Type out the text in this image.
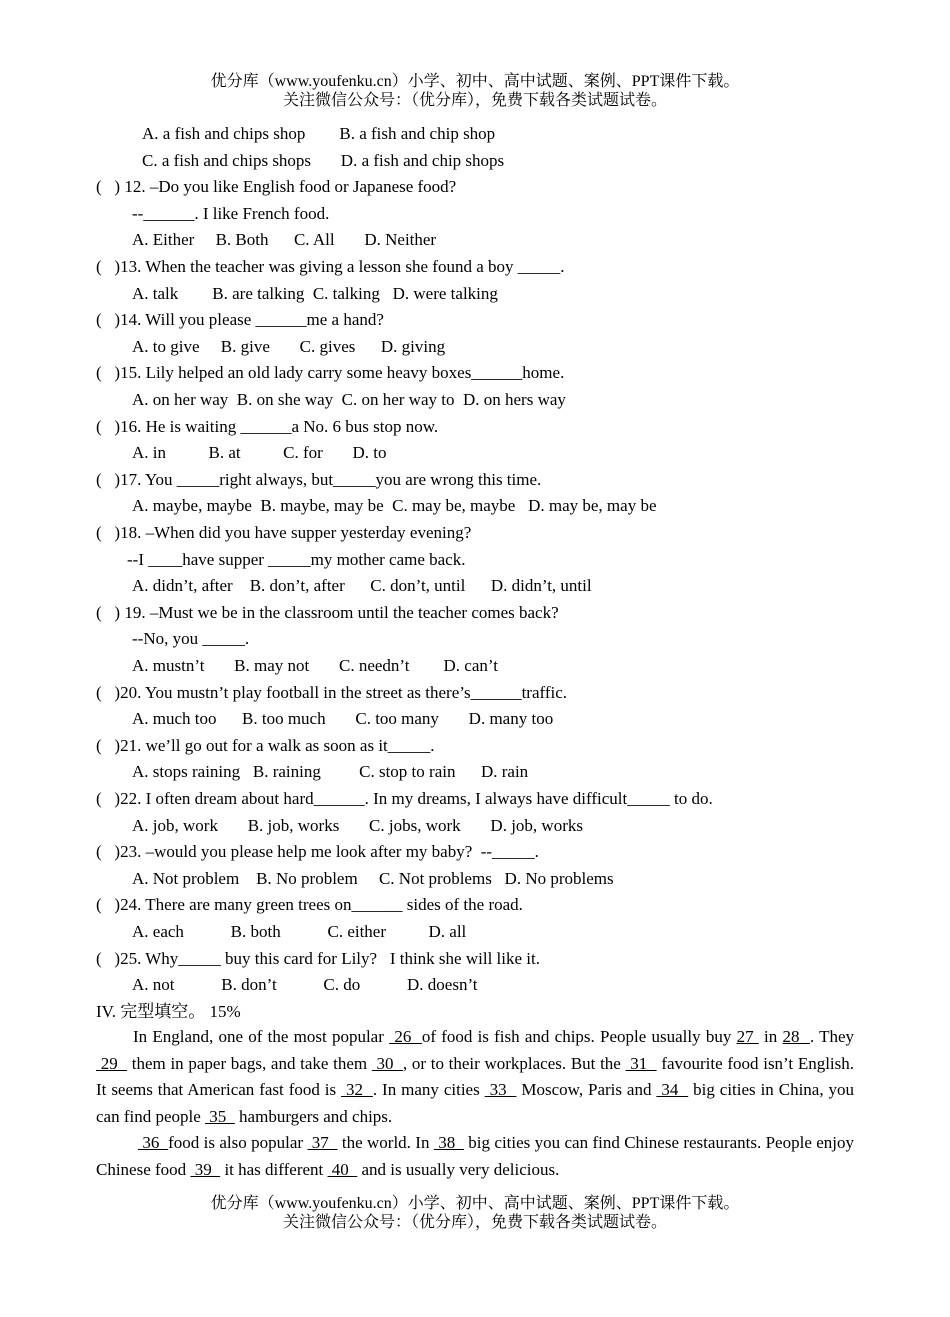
优分库（www.youfenku.cn）小学、初中、高中试题、案例、PPT课件下载。
关注微信公众号：（优分库），免费下载各类试题试卷。
A. a fish and chips shop        B. a fish and chip shop
C. a fish and chips shops       D. a fish and chip shops
(   ) 12. –Do you like English food or Japanese food?
--______. I like French food.
A. Either     B. Both      C. All       D. Neither
(   )13. When the teacher was giving a lesson she found a boy _____.
A. talk        B. are talking  C. talking   D. were talking
(   )14. Will you please ______me a hand?
A. to give     B. give       C. gives      D. giving
(   )15. Lily helped an old lady carry some heavy boxes______home.
A. on her way  B. on she way  C. on her way to  D. on hers way
(   )16. He is waiting ______a No. 6 bus stop now.
A. in          B. at          C. for       D. to
(   )17. You _____right always, but_____you are wrong this time.
A. maybe, maybe  B. maybe, may be  C. may be, maybe   D. may be, may be
(   )18. –When did you have supper yesterday evening?
--I ____have supper _____my mother came back.
A. didn’t, after    B. don’t, after      C. don’t, until      D. didn’t, until
(   ) 19. –Must we be in the classroom until the teacher comes back?
--No, you _____.
A. mustn’t       B. may not       C. needn’t        D. can’t
(   )20. You mustn’t play football in the street as there’s______traffic.
A. much too      B. too much       C. too many       D. many too
(   )21. we’ll go out for a walk as soon as it_____.
A. stops raining   B. raining         C. stop to rain      D. rain
(   )22. I often dream about hard______. In my dreams, I always have difficult_____ to do.
A. job, work       B. job, works       C. jobs, work       D. job, works
(   )23. –would you please help me look after my baby?  --_____.
A. Not problem    B. No problem     C. Not problems   D. No problems
(   )24. There are many green trees on______ sides of the road.
A. each           B. both           C. either          D. all
(   )25. Why_____ buy this card for Lily?   I think she will like it.
A. not           B. don’t           C. do           D. doesn’t
IV. 完型填空。 15%
In England, one of the most popular  26  of food is fish and chips. People usually buy 27  in 28  . They  29   them in paper bags, and take them  30  , or to their workplaces. But the  31   favourite food isn’t English. It seems that American fast food is  32  . In many cities  33   Moscow, Paris and  34   big cities in China, you can find people  35   hamburgers and chips.
36  food is also popular  37   the world. In  38   big cities you can find Chinese restaurants. People enjoy Chinese food  39   it has different  40   and is usually very delicious.
优分库（www.youfenku.cn）小学、初中、高中试题、案例、PPT课件下载。
关注微信公众号：（优分库），免费下载各类试题试卷。
